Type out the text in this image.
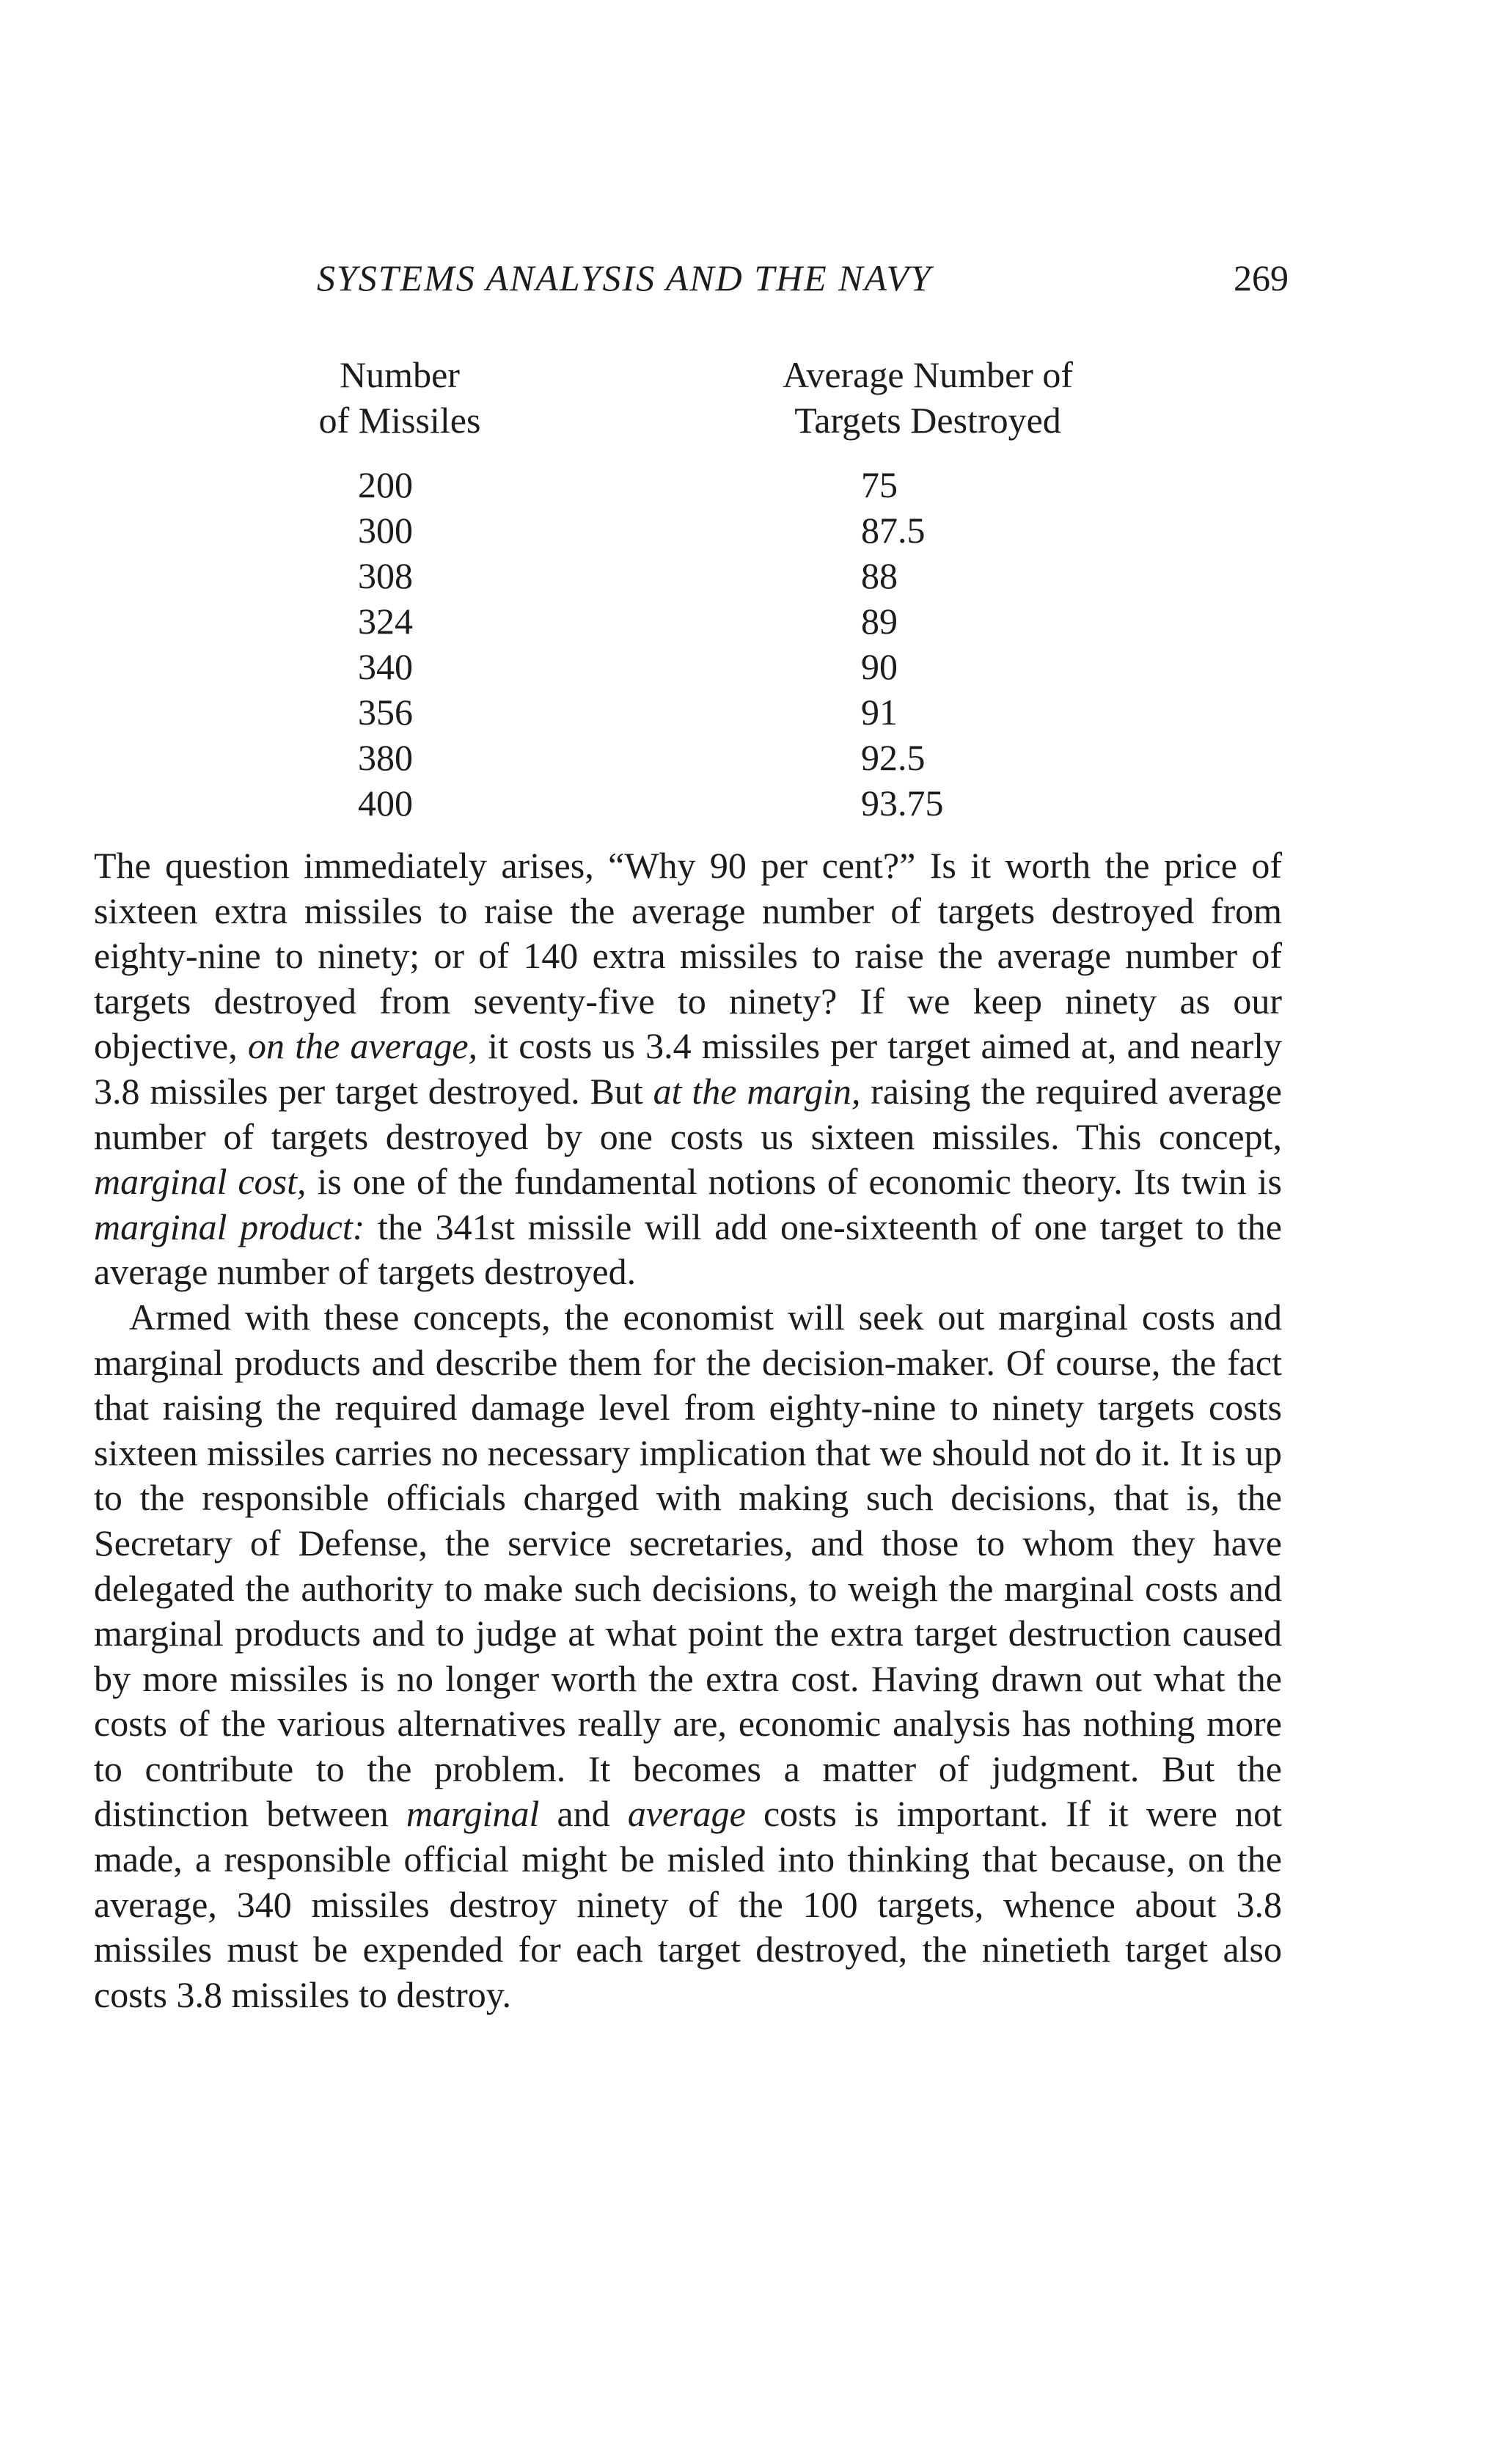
SYSTEMS ANALYSIS AND THE NAVY	269
Number
of Missiles
Average Number of
Targets Destroyed
200
300
308
324
340
356
380
400
75
87.5
88
89
90
91
92.5
93.75

The question immediately arises, “Why 90 per cent?” Is it worth the price of sixteen extra missiles to raise the average number of targets destroyed from eighty-nine to ninety; or of 140 extra missiles to raise the average number of targets destroyed from seventy-five to ninety? If we keep ninety as our objective, on the average, it costs us 3.4 missiles per target aimed at, and nearly 3.8 missiles per target destroyed. But at the margin, raising the required average number of targets destroyed by one costs us sixteen missiles. This concept, marginal cost, is one of the fundamental notions of economic theory. Its twin is marginal product: the 341st missile will add one-sixteenth of one target to the average number of targets destroyed.

Armed with these concepts, the economist will seek out marginal costs and marginal products and describe them for the decision-maker. Of course, the fact that raising the required damage level from eighty-nine to ninety targets costs sixteen missiles carries no necessary implication that we should not do it. It is up to the responsible officials charged with making such decisions, that is, the Secretary of Defense, the service secretaries, and those to whom they have delegated the authority to make such decisions, to weigh the marginal costs and marginal products and to judge at what point the extra target destruction caused by more missiles is no longer worth the extra cost. Having drawn out what the costs of the various alternatives really are, economic analysis has nothing more to contribute to the problem. It becomes a matter of judgment. But the distinction between marginal and average costs is important. If it were not made, a responsible official might be misled into thinking that because, on the average, 340 missiles destroy ninety of the 100 targets, whence about 3.8 missiles must be expended for each target destroyed, the ninetieth target also costs 3.8 missiles to destroy.
